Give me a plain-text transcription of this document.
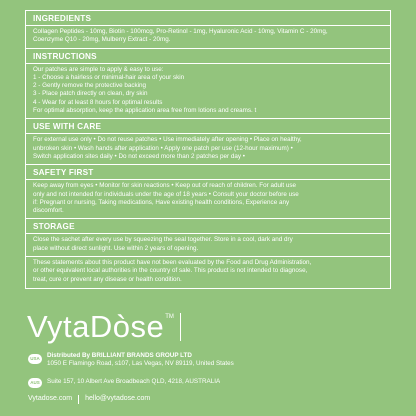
INGREDIENTS
Collagen Peptides - 10mg, Biotin - 100mcg, Pro-Retinol - 1mg, Hyaluronic Acid - 10mg, Vitamin C - 20mg,
Coenzyme Q10 - 20mg, Mulberry Extract - 20mg.
INSTRUCTIONS
Our patches are simple to apply & easy to use:
1 - Choose a hairless or minimal-hair area of your skin
2 - Gently remove the protective backing
3 - Place patch directly on clean, dry skin
4 - Wear for at least 8 hours for optimal results
For optimal absorption, keep the application area free from lotions and creams. t
USE WITH CARE
For external use only • Do not reuse patches • Use immediately after opening • Place on healthy,
unbroken skin • Wash hands after application • Apply one patch per use (12-hour maximum) •
Switch application sites daily • Do not exceed more than 2 patches per day •
SAFETY FIRST
Keep away from eyes • Monitor for skin reactions • Keep out of reach of children. For adult use
only and not intended for individuals under the age of 18 years • Consult your doctor before use
if: Pregnant or nursing, Taking medications, Have existing health conditions, Experience any
discomfort.
STORAGE
Close the sachet after every use by squeezing the seal together. Store in a cool, dark and dry
place without direct sunlight. Use within 2 years of opening.
These statements about this product have not been evaluated by the Food and Drug Administration,
or other equivalent local authorities in the country of sale. This product is not intended to diagnose,
treat, cure or prevent any disease or health condition.
VytaDòse TM
USA	Distributed By BRILLIANT BRANDS GROUP LTD
1050 E Flamingo Road, s107, Las Vegas, NV 89119, United States
AUS	Suite 157, 10 Albert Ave Broadbeach QLD, 4218, AUSTRALIA
Vytadose.com hello@vytadose.com
